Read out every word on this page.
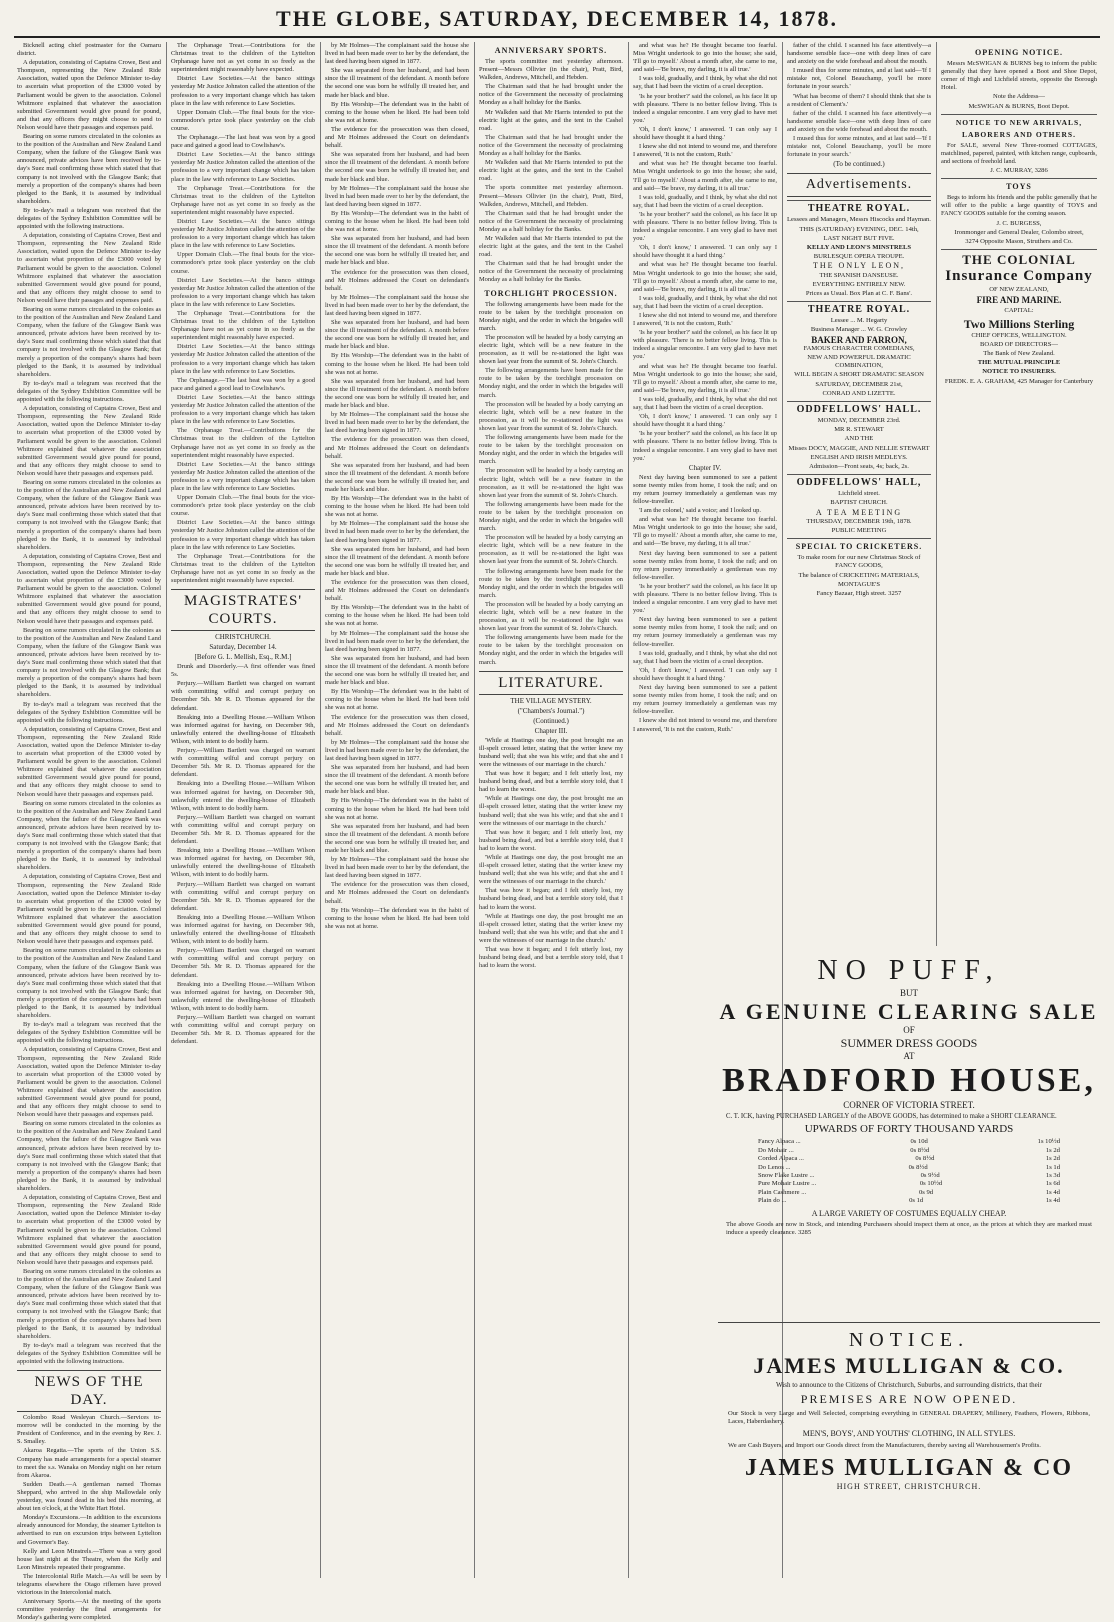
THE GLOBE, SATURDAY, DECEMBER 14, 1878.

Bicknell acting chief postmaster for the Oamaru district.

A deputation, consisting of Captains Crowe, Best and Thompson, representing the New Zealand Ride Association, waited upon the Defence Minister to-day to ascertain what proportion of the £3000 voted by Parliament would be given to the association. Colonel Whitmore explained that whatever the association submitted Government would give pound for pound, and that any officers they might choose to send to Nelson would have their passages and expenses paid.

Bearing on some rumors circulated in the colonies as to the position of the Australian and New Zealand Land Company, when the failure of the Glasgow Bank was announced, private advices have been received by to-day's Suez mail confirming those which stated that that company is not involved with the Glasgow Bank; that merely a proportion of the company's shares had been pledged to the Bank, it is assumed by individual shareholders.

By to-day's mail a telegram was received that the delegates of the Sydney Exhibition Committee will be appointed with the following instructions.

A deputation, consisting of Captains Crowe, Best and Thompson, representing the New Zealand Ride Association, waited upon the Defence Minister to-day to ascertain what proportion of the £3000 voted by Parliament would be given to the association. Colonel Whitmore explained that whatever the association submitted Government would give pound for pound, and that any officers they might choose to send to Nelson would have their passages and expenses paid.

Bearing on some rumors circulated in the colonies as to the position of the Australian and New Zealand Land Company, when the failure of the Glasgow Bank was announced, private advices have been received by to-day's Suez mail confirming those which stated that that company is not involved with the Glasgow Bank; that merely a proportion of the company's shares had been pledged to the Bank, it is assumed by individual shareholders.

By to-day's mail a telegram was received that the delegates of the Sydney Exhibition Committee will be appointed with the following instructions.

A deputation, consisting of Captains Crowe, Best and Thompson, representing the New Zealand Ride Association, waited upon the Defence Minister to-day to ascertain what proportion of the £3000 voted by Parliament would be given to the association. Colonel Whitmore explained that whatever the association submitted Government would give pound for pound, and that any officers they might choose to send to Nelson would have their passages and expenses paid.

Bearing on some rumors circulated in the colonies as to the position of the Australian and New Zealand Land Company, when the failure of the Glasgow Bank was announced, private advices have been received by to-day's Suez mail confirming those which stated that that company is not involved with the Glasgow Bank; that merely a proportion of the company's shares had been pledged to the Bank, it is assumed by individual shareholders.

A deputation, consisting of Captains Crowe, Best and Thompson, representing the New Zealand Ride Association, waited upon the Defence Minister to-day to ascertain what proportion of the £3000 voted by Parliament would be given to the association. Colonel Whitmore explained that whatever the association submitted Government would give pound for pound, and that any officers they might choose to send to Nelson would have their passages and expenses paid.

Bearing on some rumors circulated in the colonies as to the position of the Australian and New Zealand Land Company, when the failure of the Glasgow Bank was announced, private advices have been received by to-day's Suez mail confirming those which stated that that company is not involved with the Glasgow Bank; that merely a proportion of the company's shares had been pledged to the Bank, it is assumed by individual shareholders.

By to-day's mail a telegram was received that the delegates of the Sydney Exhibition Committee will be appointed with the following instructions.

A deputation, consisting of Captains Crowe, Best and Thompson, representing the New Zealand Ride Association, waited upon the Defence Minister to-day to ascertain what proportion of the £3000 voted by Parliament would be given to the association. Colonel Whitmore explained that whatever the association submitted Government would give pound for pound, and that any officers they might choose to send to Nelson would have their passages and expenses paid.

Bearing on some rumors circulated in the colonies as to the position of the Australian and New Zealand Land Company, when the failure of the Glasgow Bank was announced, private advices have been received by to-day's Suez mail confirming those which stated that that company is not involved with the Glasgow Bank; that merely a proportion of the company's shares had been pledged to the Bank, it is assumed by individual shareholders.

A deputation, consisting of Captains Crowe, Best and Thompson, representing the New Zealand Ride Association, waited upon the Defence Minister to-day to ascertain what proportion of the £3000 voted by Parliament would be given to the association. Colonel Whitmore explained that whatever the association submitted Government would give pound for pound, and that any officers they might choose to send to Nelson would have their passages and expenses paid.

Bearing on some rumors circulated in the colonies as to the position of the Australian and New Zealand Land Company, when the failure of the Glasgow Bank was announced, private advices have been received by to-day's Suez mail confirming those which stated that that company is not involved with the Glasgow Bank; that merely a proportion of the company's shares had been pledged to the Bank, it is assumed by individual shareholders.

By to-day's mail a telegram was received that the delegates of the Sydney Exhibition Committee will be appointed with the following instructions.

A deputation, consisting of Captains Crowe, Best and Thompson, representing the New Zealand Ride Association, waited upon the Defence Minister to-day to ascertain what proportion of the £3000 voted by Parliament would be given to the association. Colonel Whitmore explained that whatever the association submitted Government would give pound for pound, and that any officers they might choose to send to Nelson would have their passages and expenses paid.

Bearing on some rumors circulated in the colonies as to the position of the Australian and New Zealand Land Company, when the failure of the Glasgow Bank was announced, private advices have been received by to-day's Suez mail confirming those which stated that that company is not involved with the Glasgow Bank; that merely a proportion of the company's shares had been pledged to the Bank, it is assumed by individual shareholders.

A deputation, consisting of Captains Crowe, Best and Thompson, representing the New Zealand Ride Association, waited upon the Defence Minister to-day to ascertain what proportion of the £3000 voted by Parliament would be given to the association. Colonel Whitmore explained that whatever the association submitted Government would give pound for pound, and that any officers they might choose to send to Nelson would have their passages and expenses paid.

Bearing on some rumors circulated in the colonies as to the position of the Australian and New Zealand Land Company, when the failure of the Glasgow Bank was announced, private advices have been received by to-day's Suez mail confirming those which stated that that company is not involved with the Glasgow Bank; that merely a proportion of the company's shares had been pledged to the Bank, it is assumed by individual shareholders.

By to-day's mail a telegram was received that the delegates of the Sydney Exhibition Committee will be appointed with the following instructions.

NEWS OF THE DAY.

Colombo Road Wesleyan Church.—Services to-morrow will be conducted in the morning by the President of Conference, and in the evening by Rev. J. S. Smalley.

Akaroa Regatta.—The sports of the Union S.S. Company has made arrangements for a special steamer to meet the s.s. Wanaka on Monday night on her return from Akaroa.

Sudden Death.—A gentleman named Thomas Sheppard, who arrived in the ship Mallowdale only yesterday, was found dead in his bed this morning, at about ten o'clock, at the White Hart Hotel.

Monday's Excursions.—In addition to the excursions already announced for Monday, the steamer Lyttelton is advertised to run on excursion trips between Lyttelton and Governor's Bay.

Kelly and Leon Minstrels.—There was a very good house last night at the Theatre, when the Kelly and Leon Minstrels repeated their programme.

The Intercolonial Rifle Match.—As will be seen by telegrams elsewhere the Otago riflemen have proved victorious in the Intercolonial match.

Anniversary Sports.—At the meeting of the sports committee yesterday the final arrangements for Monday's gathering were completed.

The Orphanage Treat.—Contributions for the Christmas treat to the children of the Lyttelton Orphanage have not as yet come in so freely as the superintendent might reasonably have expected.

District Law Societies.—At the banco sittings yesterday Mr Justice Johnston called the attention of the profession to a very important change which has taken place in the law with reference to Law Societies.

Upper Domain Club.—The final bouts for the vice-commodore's prize took place yesterday on the club course.

The Orphanage.—The last heat was won by a good pace and gained a good lead to Cowlishaw's.

District Law Societies.—At the banco sittings yesterday Mr Justice Johnston called the attention of the profession to a very important change which has taken place in the law with reference to Law Societies.

The Orphanage Treat.—Contributions for the Christmas treat to the children of the Lyttelton Orphanage have not as yet come in so freely as the superintendent might reasonably have expected.

District Law Societies.—At the banco sittings yesterday Mr Justice Johnston called the attention of the profession to a very important change which has taken place in the law with reference to Law Societies.

Upper Domain Club.—The final bouts for the vice-commodore's prize took place yesterday on the club course.

District Law Societies.—At the banco sittings yesterday Mr Justice Johnston called the attention of the profession to a very important change which has taken place in the law with reference to Law Societies.

The Orphanage Treat.—Contributions for the Christmas treat to the children of the Lyttelton Orphanage have not as yet come in so freely as the superintendent might reasonably have expected.

District Law Societies.—At the banco sittings yesterday Mr Justice Johnston called the attention of the profession to a very important change which has taken place in the law with reference to Law Societies.

The Orphanage.—The last heat was won by a good pace and gained a good lead to Cowlishaw's.

District Law Societies.—At the banco sittings yesterday Mr Justice Johnston called the attention of the profession to a very important change which has taken place in the law with reference to Law Societies.

The Orphanage Treat.—Contributions for the Christmas treat to the children of the Lyttelton Orphanage have not as yet come in so freely as the superintendent might reasonably have expected.

District Law Societies.—At the banco sittings yesterday Mr Justice Johnston called the attention of the profession to a very important change which has taken place in the law with reference to Law Societies.

Upper Domain Club.—The final bouts for the vice-commodore's prize took place yesterday on the club course.

District Law Societies.—At the banco sittings yesterday Mr Justice Johnston called the attention of the profession to a very important change which has taken place in the law with reference to Law Societies.

The Orphanage Treat.—Contributions for the Christmas treat to the children of the Lyttelton Orphanage have not as yet come in so freely as the superintendent might reasonably have expected.

MAGISTRATES' COURTS.
CHRISTCHURCH.
Saturday, December 14.
[Before G. L. Mellish, Esq., R.M.]

Drunk and Disorderly.—A first offender was fined 5s.

Perjury.—William Bartlett was charged on warrant with committing wilful and corrupt perjury on December 5th. Mr R. D. Thomas appeared for the defendant.

Breaking into a Dwelling House.—William Wilson was informed against for having, on December 9th, unlawfully entered the dwelling-house of Elizabeth Wilson, with intent to do bodily harm.

Perjury.—William Bartlett was charged on warrant with committing wilful and corrupt perjury on December 5th. Mr R. D. Thomas appeared for the defendant.

Breaking into a Dwelling House.—William Wilson was informed against for having, on December 9th, unlawfully entered the dwelling-house of Elizabeth Wilson, with intent to do bodily harm.

Perjury.—William Bartlett was charged on warrant with committing wilful and corrupt perjury on December 5th. Mr R. D. Thomas appeared for the defendant.

Breaking into a Dwelling House.—William Wilson was informed against for having, on December 9th, unlawfully entered the dwelling-house of Elizabeth Wilson, with intent to do bodily harm.

Perjury.—William Bartlett was charged on warrant with committing wilful and corrupt perjury on December 5th. Mr R. D. Thomas appeared for the defendant.

Breaking into a Dwelling House.—William Wilson was informed against for having, on December 9th, unlawfully entered the dwelling-house of Elizabeth Wilson, with intent to do bodily harm.

Perjury.—William Bartlett was charged on warrant with committing wilful and corrupt perjury on December 5th. Mr R. D. Thomas appeared for the defendant.

Breaking into a Dwelling House.—William Wilson was informed against for having, on December 9th, unlawfully entered the dwelling-house of Elizabeth Wilson, with intent to do bodily harm.

Perjury.—William Bartlett was charged on warrant with committing wilful and corrupt perjury on December 5th. Mr R. D. Thomas appeared for the defendant.

by Mr Holmes—The complainant said the house she lived in had been made over to her by the defendant, the last deed having been signed in 1877.

She was separated from her husband, and had been since the ill treatment of the defendant. A month before the second one was born he wilfully ill treated her, and made her black and blue.

By His Worship—The defendant was in the habit of coming to the house when he liked. He had been told she was not at home.

The evidence for the prosecution was then closed, and Mr Holmes addressed the Court on defendant's behalf.

She was separated from her husband, and had been since the ill treatment of the defendant. A month before the second one was born he wilfully ill treated her, and made her black and blue.

by Mr Holmes—The complainant said the house she lived in had been made over to her by the defendant, the last deed having been signed in 1877.

By His Worship—The defendant was in the habit of coming to the house when he liked. He had been told she was not at home.

She was separated from her husband, and had been since the ill treatment of the defendant. A month before the second one was born he wilfully ill treated her, and made her black and blue.

The evidence for the prosecution was then closed, and Mr Holmes addressed the Court on defendant's behalf.

by Mr Holmes—The complainant said the house she lived in had been made over to her by the defendant, the last deed having been signed in 1877.

She was separated from her husband, and had been since the ill treatment of the defendant. A month before the second one was born he wilfully ill treated her, and made her black and blue.

By His Worship—The defendant was in the habit of coming to the house when he liked. He had been told she was not at home.

She was separated from her husband, and had been since the ill treatment of the defendant. A month before the second one was born he wilfully ill treated her, and made her black and blue.

by Mr Holmes—The complainant said the house she lived in had been made over to her by the defendant, the last deed having been signed in 1877.

The evidence for the prosecution was then closed, and Mr Holmes addressed the Court on defendant's behalf.

She was separated from her husband, and had been since the ill treatment of the defendant. A month before the second one was born he wilfully ill treated her, and made her black and blue.

By His Worship—The defendant was in the habit of coming to the house when he liked. He had been told she was not at home.

by Mr Holmes—The complainant said the house she lived in had been made over to her by the defendant, the last deed having been signed in 1877.

She was separated from her husband, and had been since the ill treatment of the defendant. A month before the second one was born he wilfully ill treated her, and made her black and blue.

The evidence for the prosecution was then closed, and Mr Holmes addressed the Court on defendant's behalf.

By His Worship—The defendant was in the habit of coming to the house when he liked. He had been told she was not at home.

by Mr Holmes—The complainant said the house she lived in had been made over to her by the defendant, the last deed having been signed in 1877.

She was separated from her husband, and had been since the ill treatment of the defendant. A month before the second one was born he wilfully ill treated her, and made her black and blue.

By His Worship—The defendant was in the habit of coming to the house when he liked. He had been told she was not at home.

The evidence for the prosecution was then closed, and Mr Holmes addressed the Court on defendant's behalf.

by Mr Holmes—The complainant said the house she lived in had been made over to her by the defendant, the last deed having been signed in 1877.

She was separated from her husband, and had been since the ill treatment of the defendant. A month before the second one was born he wilfully ill treated her, and made her black and blue.

By His Worship—The defendant was in the habit of coming to the house when he liked. He had been told she was not at home.

She was separated from her husband, and had been since the ill treatment of the defendant. A month before the second one was born he wilfully ill treated her, and made her black and blue.

by Mr Holmes—The complainant said the house she lived in had been made over to her by the defendant, the last deed having been signed in 1877.

The evidence for the prosecution was then closed, and Mr Holmes addressed the Court on defendant's behalf.

By His Worship—The defendant was in the habit of coming to the house when he liked. He had been told she was not at home.

ANNIVERSARY SPORTS.

The sports committee met yesterday afternoon. Present—Messrs Ollivier (in the chair), Pratt, Bird, Walkden, Andrews, Mitchell, and Hebden.

The Chairman said that he had brought under the notice of the Government the necessity of proclaiming Monday as a half holiday for the Banks.

Mr Walkden said that Mr Harris intended to put the electric light at the gates, and the tent in the Cashel road.

The Chairman said that he had brought under the notice of the Government the necessity of proclaiming Monday as a half holiday for the Banks.

Mr Walkden said that Mr Harris intended to put the electric light at the gates, and the tent in the Cashel road.

The sports committee met yesterday afternoon. Present—Messrs Ollivier (in the chair), Pratt, Bird, Walkden, Andrews, Mitchell, and Hebden.

The Chairman said that he had brought under the notice of the Government the necessity of proclaiming Monday as a half holiday for the Banks.

Mr Walkden said that Mr Harris intended to put the electric light at the gates, and the tent in the Cashel road.

The Chairman said that he had brought under the notice of the Government the necessity of proclaiming Monday as a half holiday for the Banks.

TORCHLIGHT PROCESSION.

The following arrangements have been made for the route to be taken by the torchlight procession on Monday night, and the order in which the brigades will march.

The procession will be headed by a body carrying an electric light, which will be a new feature in the procession, as it will be re-stationed the light was shown last year from the summit of St. John's Church.

The following arrangements have been made for the route to be taken by the torchlight procession on Monday night, and the order in which the brigades will march.

The procession will be headed by a body carrying an electric light, which will be a new feature in the procession, as it will be re-stationed the light was shown last year from the summit of St. John's Church.

The following arrangements have been made for the route to be taken by the torchlight procession on Monday night, and the order in which the brigades will march.

The procession will be headed by a body carrying an electric light, which will be a new feature in the procession, as it will be re-stationed the light was shown last year from the summit of St. John's Church.

The following arrangements have been made for the route to be taken by the torchlight procession on Monday night, and the order in which the brigades will march.

The procession will be headed by a body carrying an electric light, which will be a new feature in the procession, as it will be re-stationed the light was shown last year from the summit of St. John's Church.

The following arrangements have been made for the route to be taken by the torchlight procession on Monday night, and the order in which the brigades will march.

The procession will be headed by a body carrying an electric light, which will be a new feature in the procession, as it will be re-stationed the light was shown last year from the summit of St. John's Church.

The following arrangements have been made for the route to be taken by the torchlight procession on Monday night, and the order in which the brigades will march.

LITERATURE.
THE VILLAGE MYSTERY.
("Chambers's Journal.")
(Continued.)
Chapter III.

'While at Hastings one day, the post brought me an ill-spelt crossed letter, stating that the writer knew my husband well; that she was his wife; and that she and I were the witnesses of our marriage in the church.'

That was how it began; and I felt utterly lost, my husband being dead, and but a terrible story told, that I had to learn the worst.

'While at Hastings one day, the post brought me an ill-spelt crossed letter, stating that the writer knew my husband well; that she was his wife; and that she and I were the witnesses of our marriage in the church.'

That was how it began; and I felt utterly lost, my husband being dead, and but a terrible story told, that I had to learn the worst.

'While at Hastings one day, the post brought me an ill-spelt crossed letter, stating that the writer knew my husband well; that she was his wife; and that she and I were the witnesses of our marriage in the church.'

That was how it began; and I felt utterly lost, my husband being dead, and but a terrible story told, that I had to learn the worst.

'While at Hastings one day, the post brought me an ill-spelt crossed letter, stating that the writer knew my husband well; that she was his wife; and that she and I were the witnesses of our marriage in the church.'

That was how it began; and I felt utterly lost, my husband being dead, and but a terrible story told, that I had to learn the worst.

and what was he? He thought became too fearful. Miss Wright undertook to go into the house; she said, 'I'll go to myself.' About a month after, she came to me, and said—'Be brave, my darling, it is all true.'

I was told, gradually, and I think, by what she did not say, that I had been the victim of a cruel deception.

'Is he your brother?' said the colonel, as his face lit up with pleasure. 'There is no better fellow living. This is indeed a singular rencontre. I am very glad to have met you.'

'Oh, I don't know,' I answered. 'I can only say I should have thought it a hard thing.'

I knew she did not intend to wound me, and therefore I answered, 'It is not the custom, Ruth.'

and what was he? He thought became too fearful. Miss Wright undertook to go into the house; she said, 'I'll go to myself.' About a month after, she came to me, and said—'Be brave, my darling, it is all true.'

I was told, gradually, and I think, by what she did not say, that I had been the victim of a cruel deception.

'Is he your brother?' said the colonel, as his face lit up with pleasure. 'There is no better fellow living. This is indeed a singular rencontre. I am very glad to have met you.'

'Oh, I don't know,' I answered. 'I can only say I should have thought it a hard thing.'

and what was he? He thought became too fearful. Miss Wright undertook to go into the house; she said, 'I'll go to myself.' About a month after, she came to me, and said—'Be brave, my darling, it is all true.'

I was told, gradually, and I think, by what she did not say, that I had been the victim of a cruel deception.

I knew she did not intend to wound me, and therefore I answered, 'It is not the custom, Ruth.'

'Is he your brother?' said the colonel, as his face lit up with pleasure. 'There is no better fellow living. This is indeed a singular rencontre. I am very glad to have met you.'

and what was he? He thought became too fearful. Miss Wright undertook to go into the house; she said, 'I'll go to myself.' About a month after, she came to me, and said—'Be brave, my darling, it is all true.'

I was told, gradually, and I think, by what she did not say, that I had been the victim of a cruel deception.

'Oh, I don't know,' I answered. 'I can only say I should have thought it a hard thing.'

'Is he your brother?' said the colonel, as his face lit up with pleasure. 'There is no better fellow living. This is indeed a singular rencontre. I am very glad to have met you.'

Chapter IV.

Next day having been summoned to see a patient some twenty miles from home, I took the rail; and on my return journey immediately a gentleman was my fellow-traveller.

'I am the colonel,' said a voice; and I looked up.

and what was he? He thought became too fearful. Miss Wright undertook to go into the house; she said, 'I'll go to myself.' About a month after, she came to me, and said—'Be brave, my darling, it is all true.'

Next day having been summoned to see a patient some twenty miles from home, I took the rail; and on my return journey immediately a gentleman was my fellow-traveller.

'Is he your brother?' said the colonel, as his face lit up with pleasure. 'There is no better fellow living. This is indeed a singular rencontre. I am very glad to have met you.'

Next day having been summoned to see a patient some twenty miles from home, I took the rail; and on my return journey immediately a gentleman was my fellow-traveller.

I was told, gradually, and I think, by what she did not say, that I had been the victim of a cruel deception.

'Oh, I don't know,' I answered. 'I can only say I should have thought it a hard thing.'

Next day having been summoned to see a patient some twenty miles from home, I took the rail; and on my return journey immediately a gentleman was my fellow-traveller.

I knew she did not intend to wound me, and therefore I answered, 'It is not the custom, Ruth.'

father of the child. I scanned his face attentively—a handsome sensible face—one with deep lines of care and anxiety on the wide forehead and about the mouth.

I mused thus for some minutes, and at last said—'If I mistake not, Colonel Beauchamp, you'll be more fortunate in your search.'

'What has become of them? I should think that she is a resident of Clement's.'

father of the child. I scanned his face attentively—a handsome sensible face—one with deep lines of care and anxiety on the wide forehead and about the mouth.

I mused thus for some minutes, and at last said—'If I mistake not, Colonel Beauchamp, you'll be more fortunate in your search.'

(To be continued.)
Advertisements.

THEATRE ROYAL.

Lessees and Managers, Messrs Hiscocks and Hayman.

THIS (SATURDAY) EVENING, DEC. 14th,

LAST NIGHT BUT FIVE.

KELLY AND LEON'S MINSTRELS

BURLESQUE OPERA TROUPE.

THE ONLY LEON,

THE SPANISH DANSEUSE.

EVERYTHING ENTIRELY NEW.

Prices as Usual. Box Plan at C. F. Bans'.

THEATRE ROYAL.

Lessee ... M. Hegarty

Business Manager ... W. G. Crowley

BAKER AND FARRON,

FAMOUS CHARACTER COMEDIANS,

NEW AND POWERFUL DRAMATIC COMBINATION,

WILL BEGIN A SHORT DRAMATIC SEASON

SATURDAY, DECEMBER 21st,

CONRAD AND LIZETTE.

ODDFELLOWS' HALL.

MONDAY, DECEMBER 23rd.

MR R. STEWART

AND THE

Misses DOCY, MAGGIE, AND NELLIE STEWART

ENGLISH AND IRISH MEDLEYS.

Admission—Front seats, 4s; back, 2s.

ODDFELLOWS' HALL,

Lichfield street.

BAPTIST CHURCH.

A TEA MEETING

THURSDAY, DECEMBER 19th, 1878.

PUBLIC MEETING

SPECIAL TO CRICKETERS.

To make room for our new Christmas Stock of FANCY GOODS,

The balance of CRICKETING MATERIALS,

MONTAGUE'S

Fancy Bazaar, High street. 3257

OPENING NOTICE.

Messrs McSWIGAN & BURNS beg to inform the public generally that they have opened a Boot and Shoe Depot, corner of High and Lichfield streets, opposite the Borough Hotel.

Note the Address—

McSWIGAN & BURNS, Boot Depot.

NOTICE TO NEW ARRIVALS, LABORERS AND OTHERS.

For SALE, several New Three-roomed COTTAGES, matchlined, papered, painted, with kitchen range, cupboards, and sections of freehold land.

J. C. MURRAY, 3286

TOYS

Begs to inform his friends and the public generally that he will offer to the public a large quantity of TOYS and FANCY GOODS suitable for the coming season.

J. C. BURGESS,

Ironmonger and General Dealer, Colombo street,

3274 Opposite Mason, Struthers and Co.

THE COLONIAL

Insurance Company

OF NEW ZEALAND,

FIRE AND MARINE.

CAPITAL:

Two Millions Sterling

CHIEF OFFICES, WELLINGTON.

BOARD OF DIRECTORS—

The Bank of New Zealand.

THE MUTUAL PRINCIPLE

NOTICE TO INSURERS.

FREDK. E. A. GRAHAM, 425 Manager for Canterbury

NO PUFF,
BUT
A GENUINE CLEARING SALE
OF
SUMMER DRESS GOODS
AT
BRADFORD HOUSE,
CORNER OF VICTORIA STREET.
C. T. ICK, having PURCHASED LARGELY of the ABOVE GOODS, has determined to make a SHORT CLEARANCE.
UPWARDS OF FORTY THOUSAND YARDS
Fancy Alpaca ...	0s 10d	1s 10½d
Do Mohair ...	0s 8½d	1s 2d
Corded Alpaca ...	0s 8½d	1s 2d
Do Lenos ...	0s 8½d	1s 1d
Snow Flake Lustre ...	0s 9½d	1s 3d
Pure Mohair Lustre ...	0s 10½d	1s 6d
Plain Cashmere ...	0s 9d	1s 4d
Plain do ...	0s 1d	1s 4d
A LARGE VARIETY OF COSTUMES EQUALLY CHEAP.
The above Goods are now in Stock, and intending Purchasers should inspect them at once, as the prices at which they are marked must induce a speedy clearance. 3285
NOTICE.
JAMES MULLIGAN & CO.
Wish to announce to the Citizens of Christchurch, Suburbs, and surrounding districts, that their
PREMISES ARE NOW OPENED.
Our Stock is very Large and Well Selected, comprising everything in GENERAL DRAPERY, Millinery, Feathers, Flowers, Ribbons, Laces, Haberdashery.
MEN'S, BOYS', AND YOUTHS' CLOTHING, IN ALL STYLES.
We are Cash Buyers, and Import our Goods direct from the Manufacturers, thereby saving all Warehousemen's Profits.
JAMES MULLIGAN & CO
HIGH STREET, CHRISTCHURCH.
